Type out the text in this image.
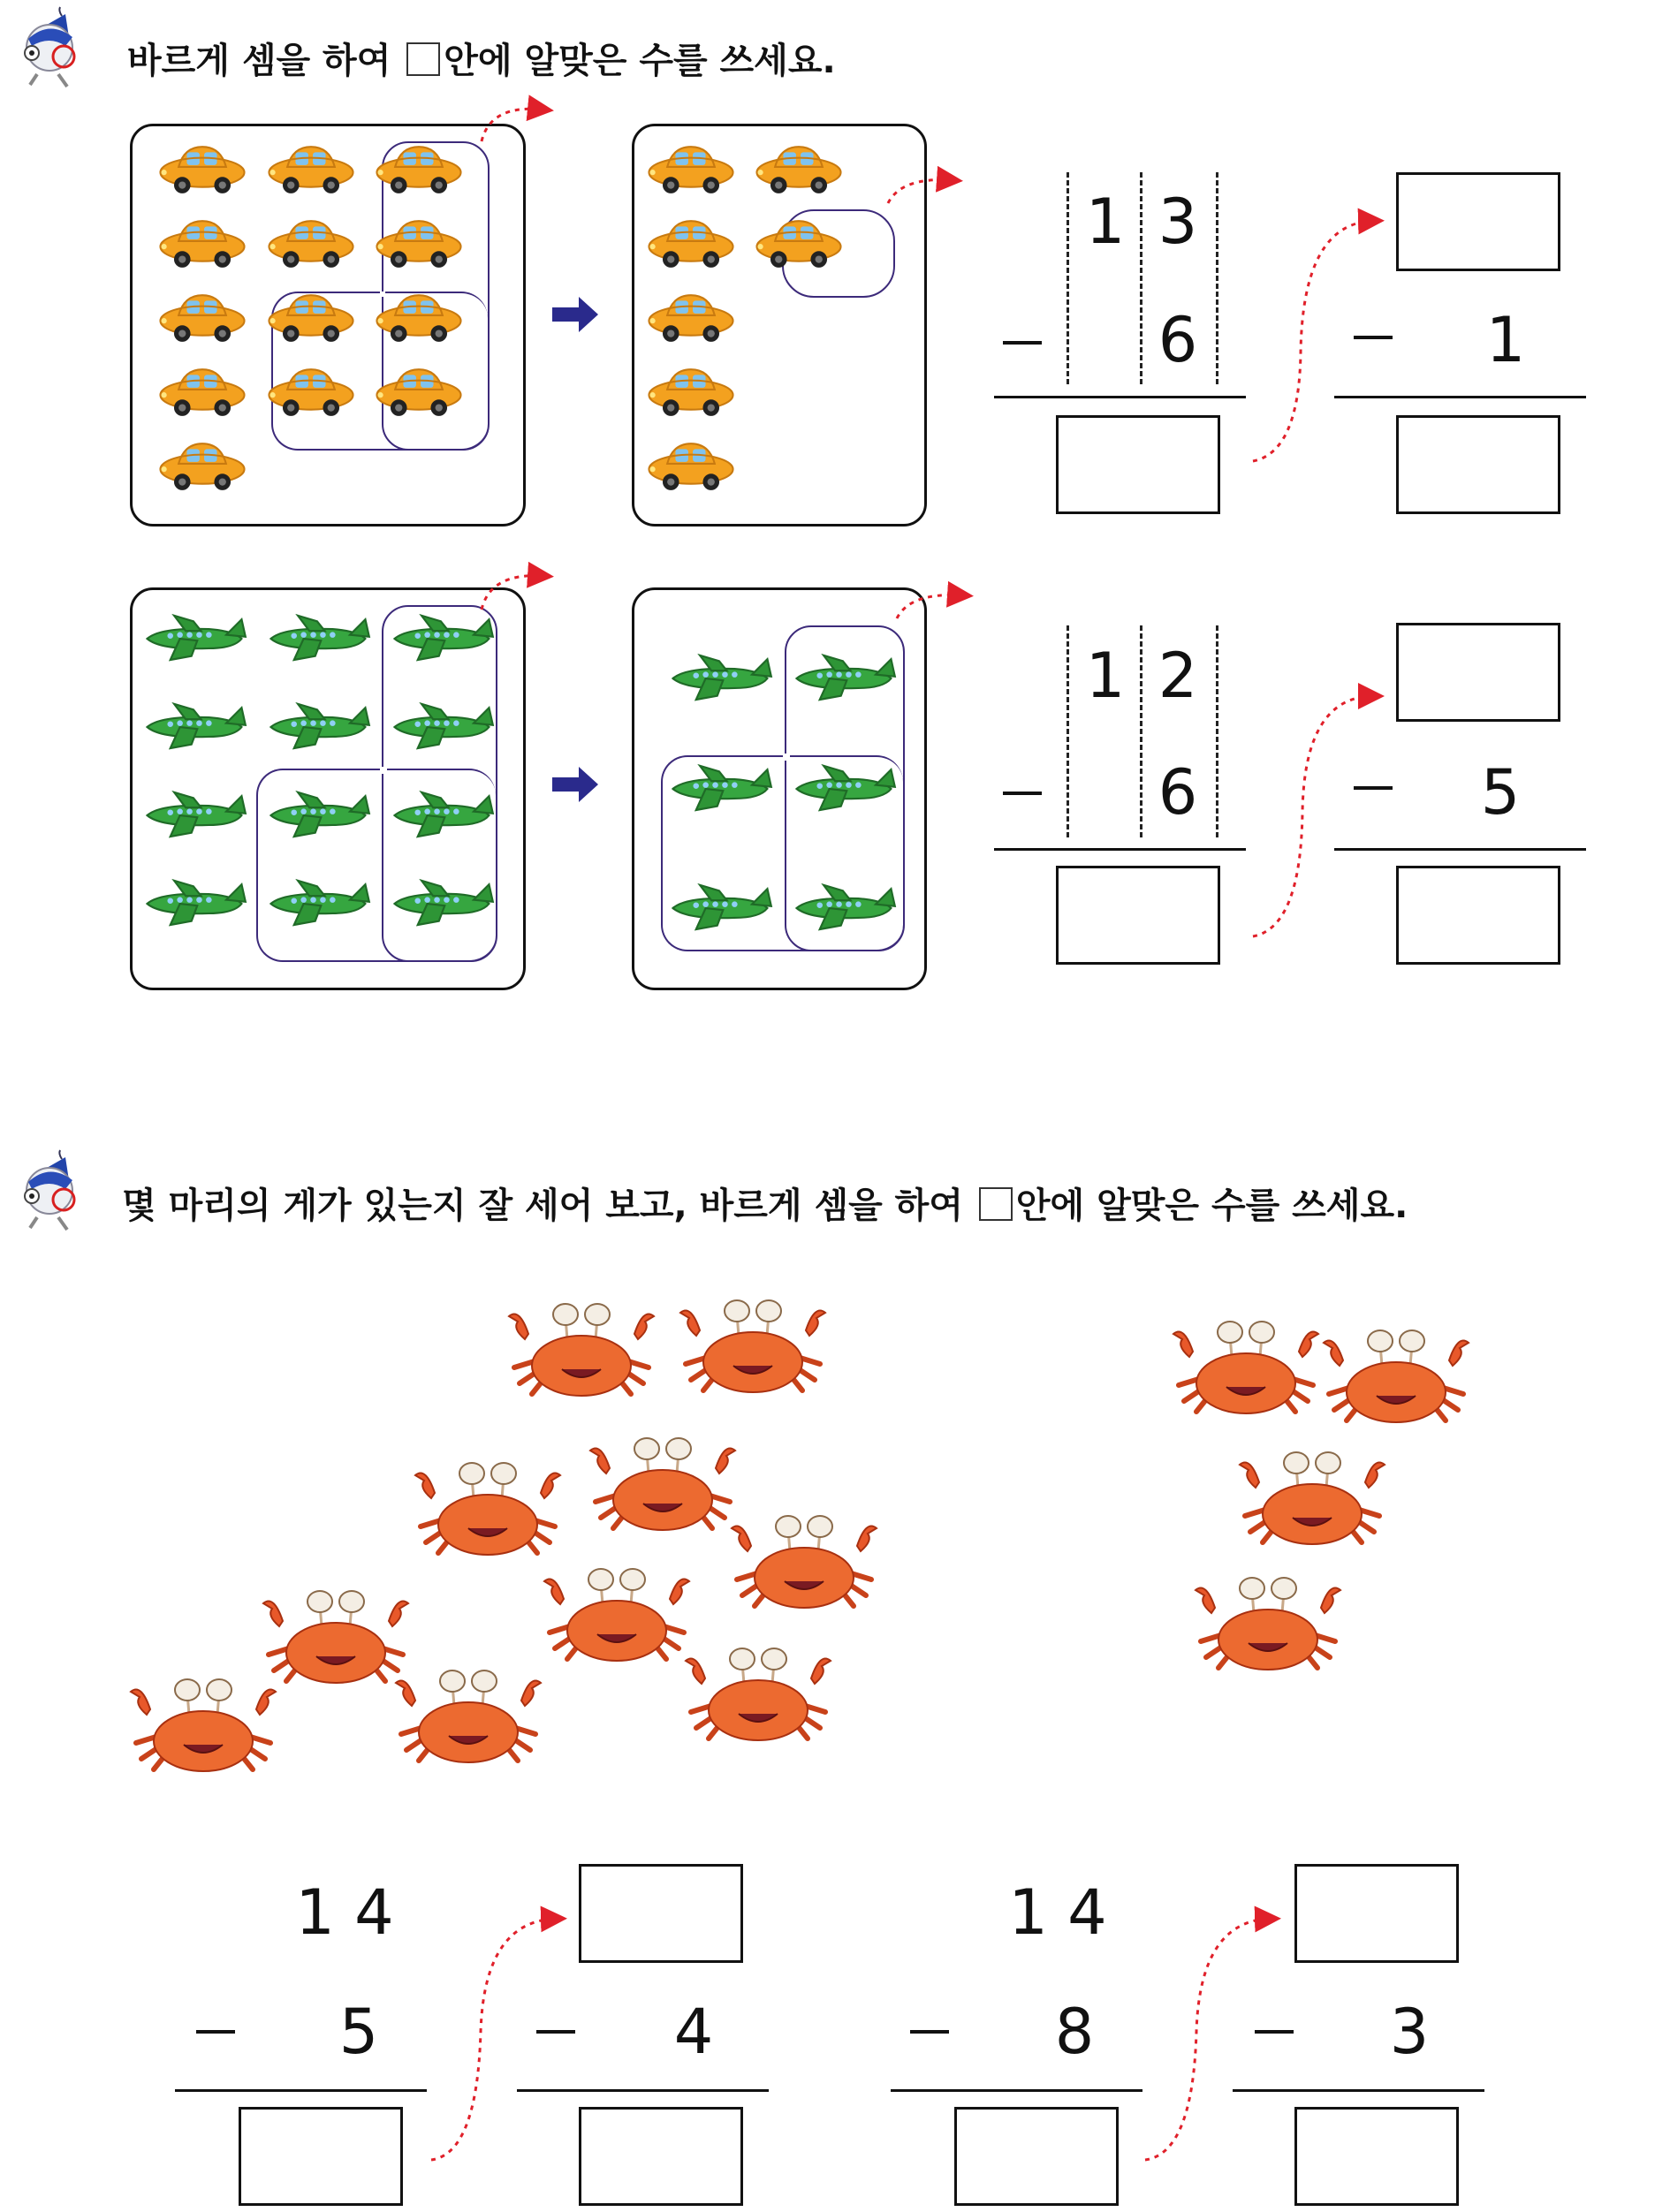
바르게 셈을 하여 안에 알맞은 수를 쓰세요.
1 3
6	1
1 2
6	5
몇 마리의 게가 있는지 잘 세어 보고, 바르게 셈을 하여 안에 알맞은 수를 쓰세요.
1 4
5	4
1 4
8	3
